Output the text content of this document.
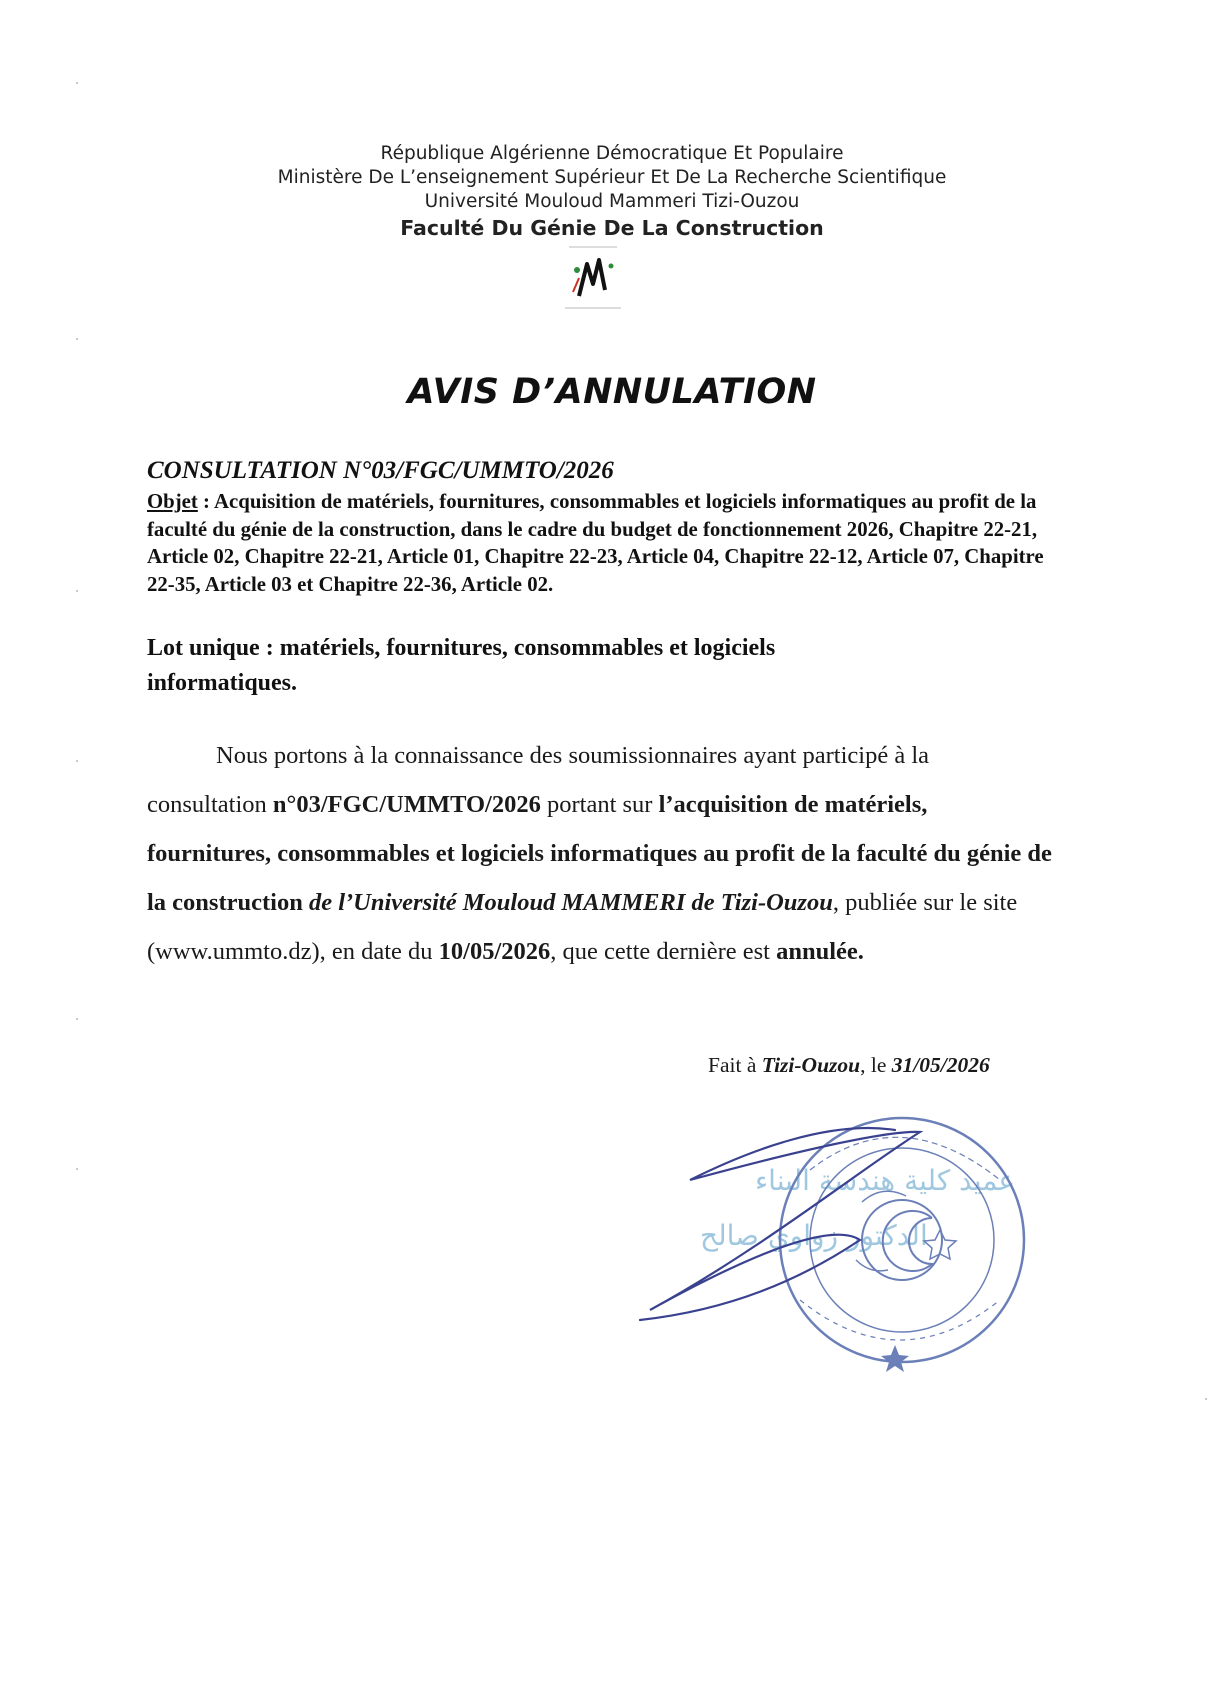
République Algérienne Démocratique Et Populaire
Ministère De L’enseignement Supérieur Et De La Recherche Scientifique
Université Mouloud Mammeri Tizi-Ouzou
Faculté Du Génie De La Construction
AVIS D’ANNULATION
CONSULTATION N°03/FGC/UMMTO/2026
Objet : Acquisition de matériels, fournitures, consommables et logiciels informatiques au profit de la faculté du génie de la construction, dans le cadre du budget de fonctionnement 2026, Chapitre 22-21, Article 02, Chapitre 22-21, Article 01, Chapitre 22-23, Article 04, Chapitre 22-12, Article 07, Chapitre 22-35, Article 03 et Chapitre 22-36, Article 02.
Lot unique : matériels, fournitures, consommables et logiciels informatiques.
Nous portons à la connaissance des soumissionnaires ayant participé à la consultation n°03/FGC/UMMTO/2026 portant sur l’acquisition de matériels, fournitures, consommables et logiciels informatiques au profit de la faculté du génie de la construction de l’Université Mouloud MAMMERI de Tizi-Ouzou, publiée sur le site (www.ummto.dz), en date du 10/05/2026, que cette dernière est annulée.
Fait à Tizi-Ouzou, le 31/05/2026
عميد كلية هندسة البناء
الدكتور زواوي صالح
